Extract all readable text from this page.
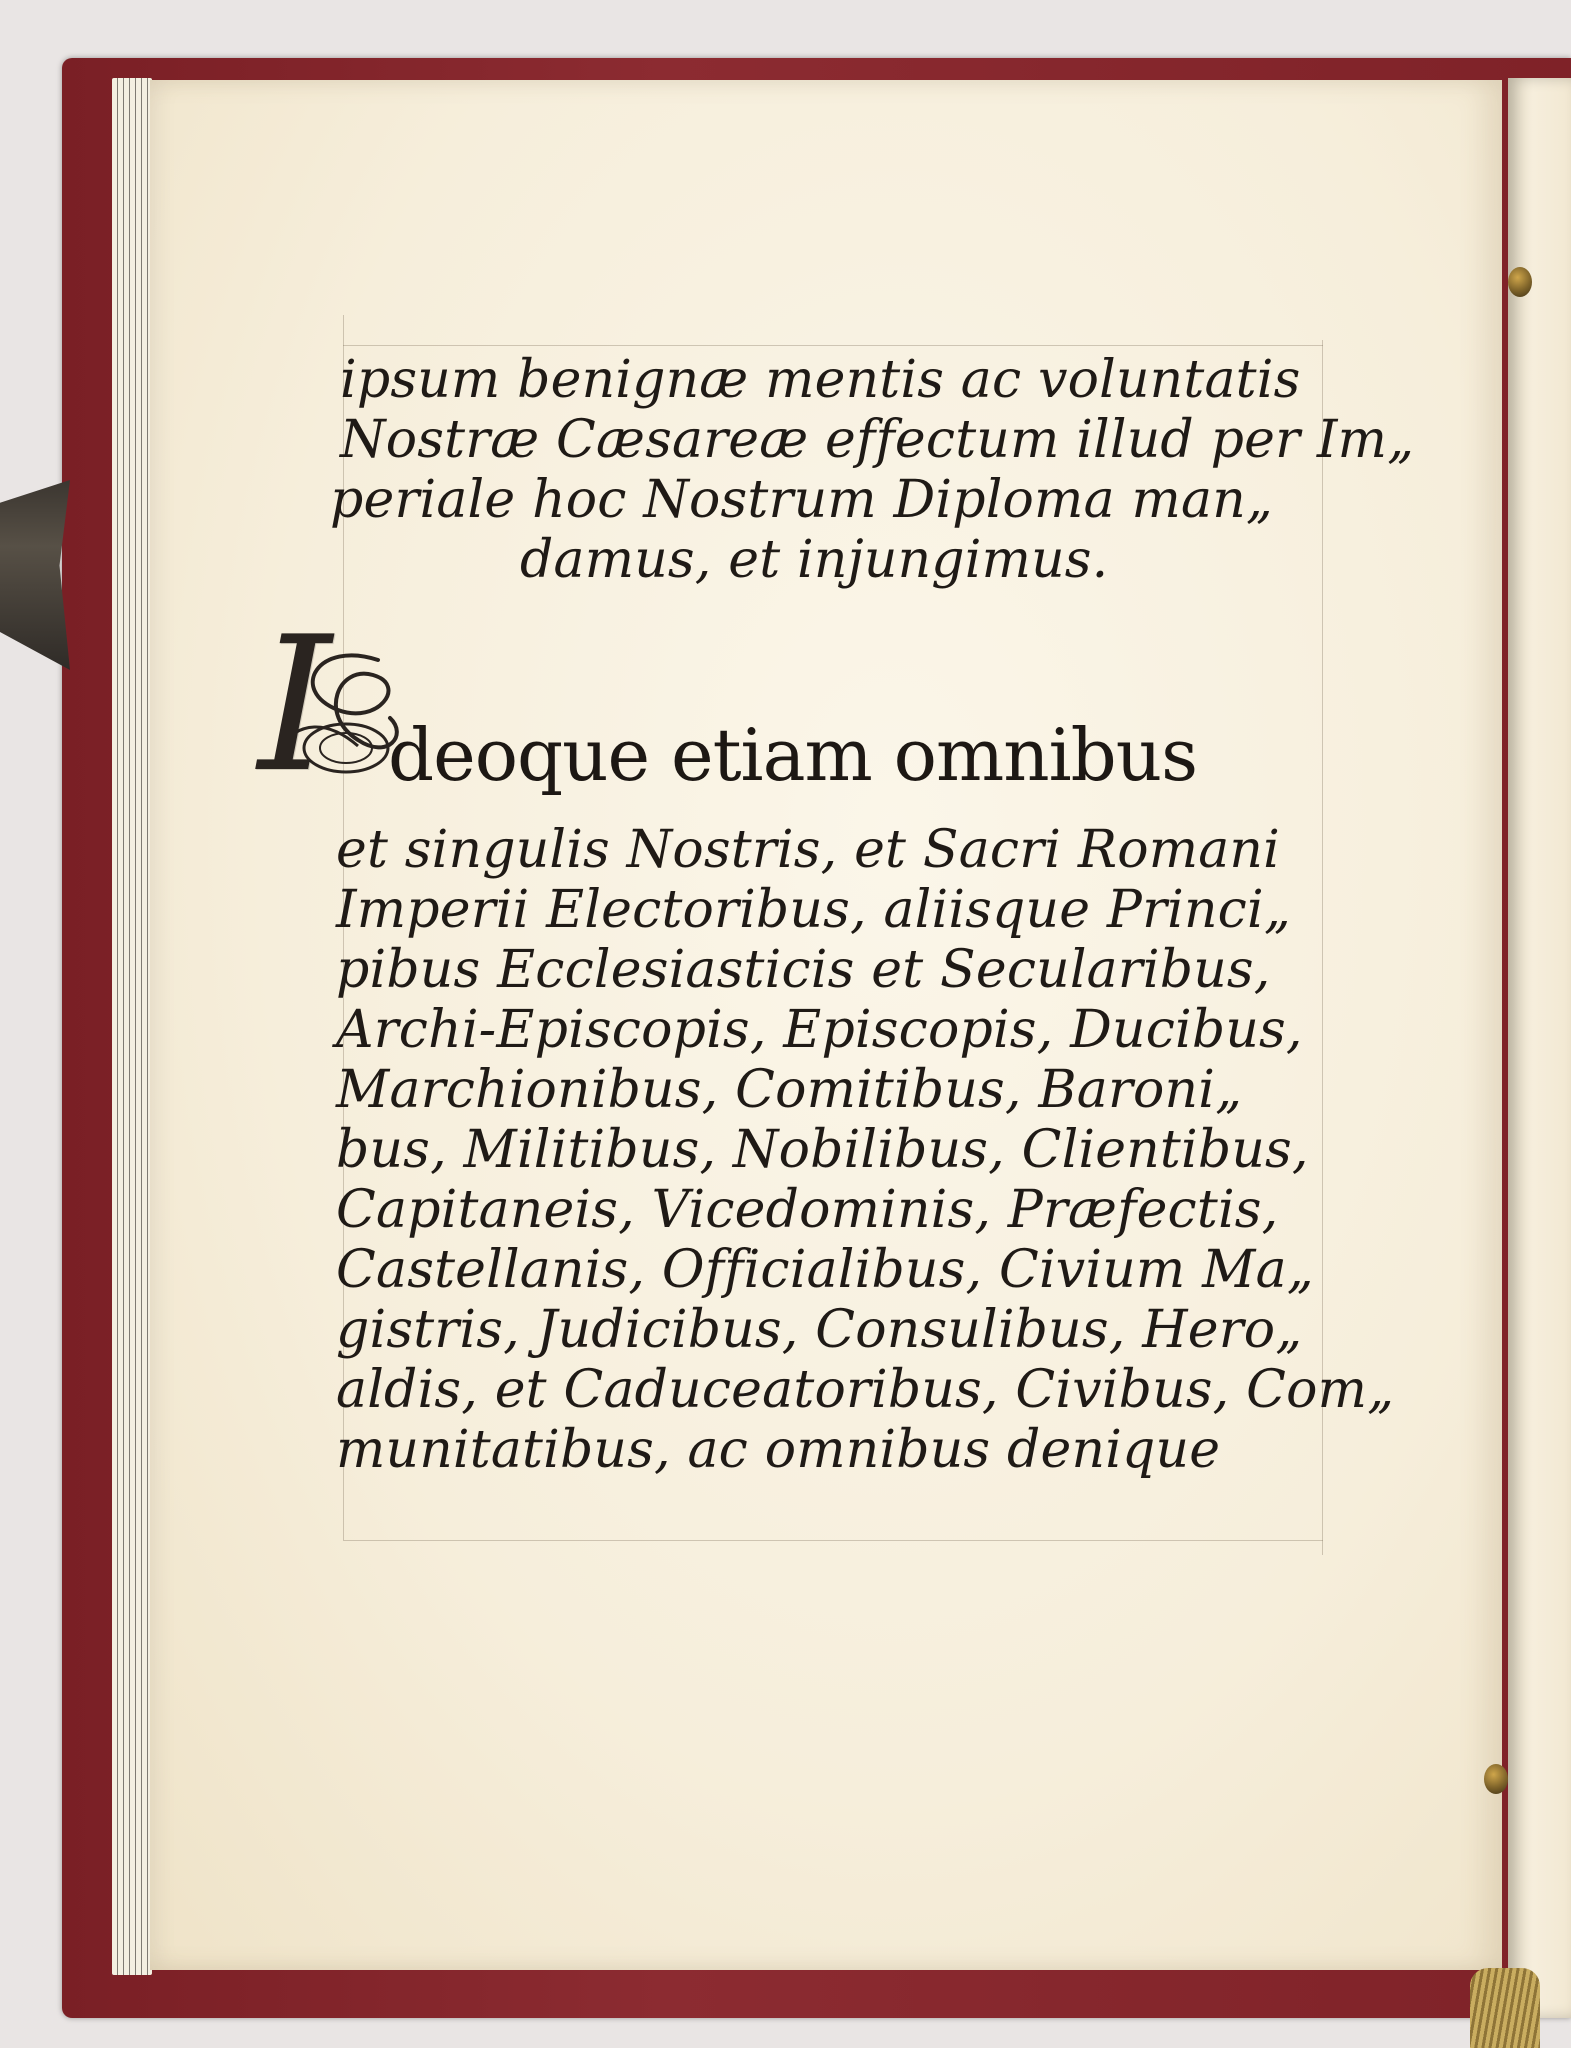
ipsum benignæ mentis ac voluntatis
Nostræ Cæsareæ effectum illud per Im„
periale hoc Nostrum Diploma man„
damus, et injungimus.
et singulis Nostris, et Sacri Romani
Imperii Electoribus, aliisque Princi„
pibus Ecclesiasticis et Secularibus,
Archi-Episcopis, Episcopis, Ducibus,
Marchionibus, Comitibus, Baroni„
bus, Militibus, Nobilibus, Clientibus,
Capitaneis, Vicedominis, Præfectis,
Castellanis, Officialibus, Civium Ma„
gistris, Judicibus, Consulibus, Hero„
aldis, et Caduceatoribus, Civibus, Com„
munitatibus, ac omnibus denique
I deoque etiam omnibus
